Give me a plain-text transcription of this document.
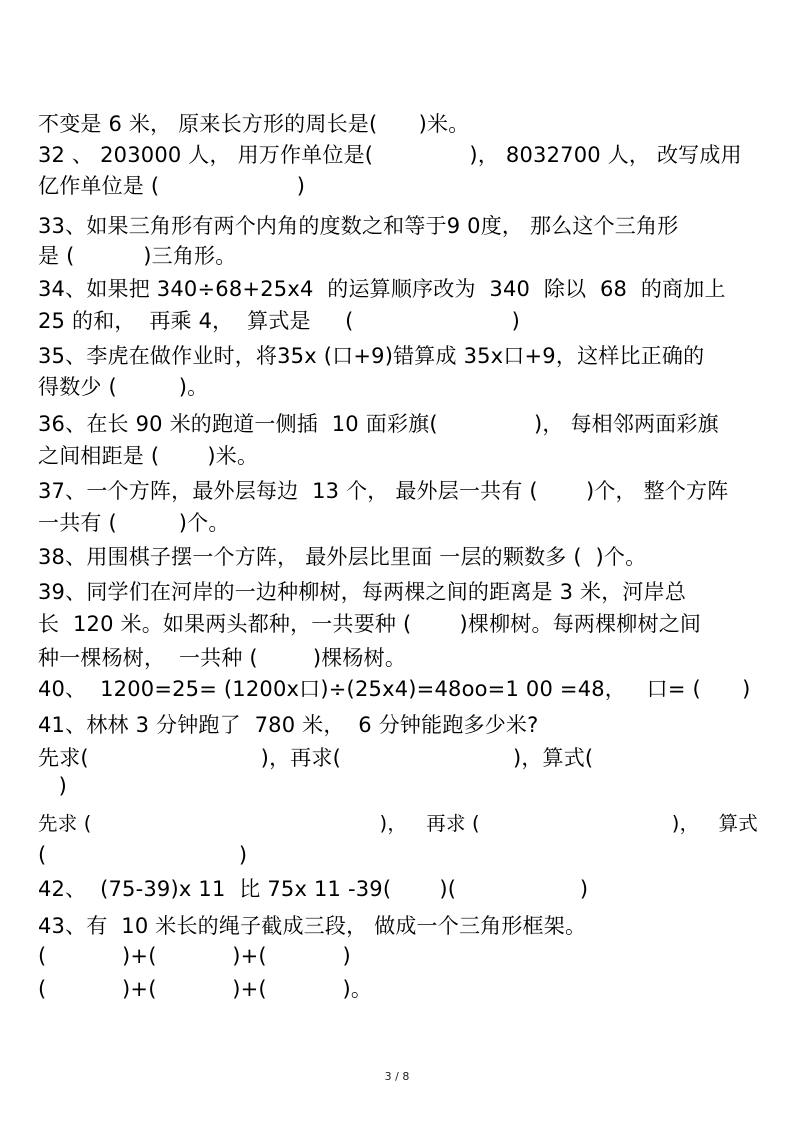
不变是 6 米， 原来长方形的周长是(      )米。
32 、 203000 人， 用万作单位是(              )， 8032700 人， 改写成用
亿作单位是 (                    )
33、如果三角形有两个内角的度数之和等于9 0度， 那么这个三角形
是 (          )三角形。
34、如果把 340÷68+25x4  的运算顺序改为  340  除以  68  的商加上
25 的和，  再乘 4，  算式是     (                       )
35、李虎在做作业时，将35x (口+9)错算成 35x口+9，这样比正确的
得数少 (         )。
36、在长 90 米的跑道一侧插  10 面彩旗(              )， 每相邻两面彩旗
之间相距是 (       )米。
37、一个方阵，最外层每边  13 个， 最外层一共有 (       )个， 整个方阵
一共有 (         )个。
38、用围棋子摆一个方阵， 最外层比里面 一层的颗数多 (  )个。
39、同学们在河岸的一边种柳树，每两棵之间的距离是 3 米，河岸总
长  120 米。如果两头都种，一共要种 (       )棵柳树。每两棵柳树之间
种一棵杨树，  一共种 (        )棵杨树。
40、  1200=25= (1200x口)÷(25x4)=48oo=1 00 =48，   口= (      )
41、林林 3 分钟跑了  780 米，  6 分钟能跑多少米?
先求(                         )，再求(                         )，算式(
)
先求 (                                             )，   再求 (                              )，   算式
(                            )
42、  (75-39)x 11  比 75x 11 -39(       )(                  )
43、有  10 米长的绳子截成三段， 做成一个三角形框架。
(           )+(           )+(           )
(           )+(           )+(           )。
3 / 8
